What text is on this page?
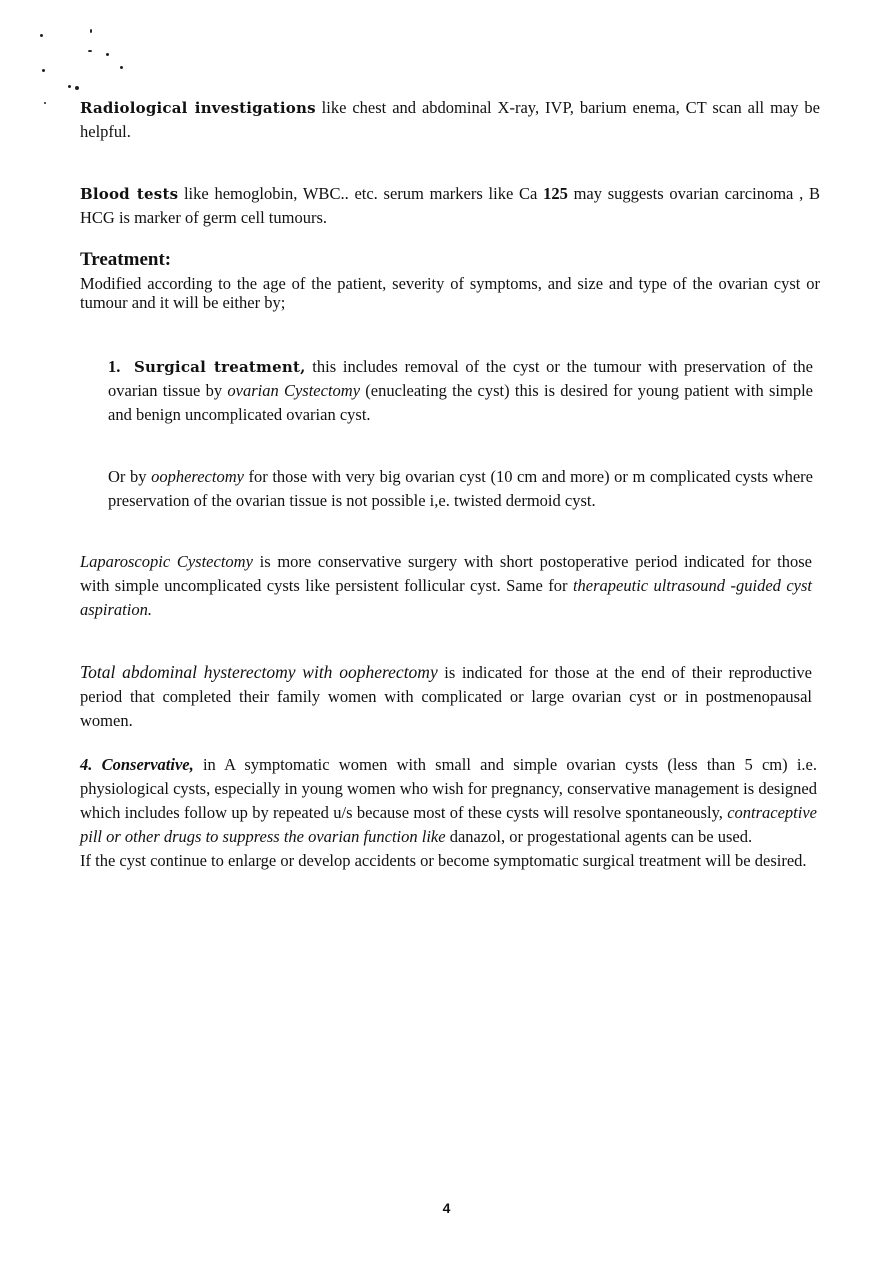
Radiological investigations like chest and abdominal X-ray, IVP, barium enema, CT scan all may be helpful.

Blood tests like hemoglobin, WBC.. etc. serum markers like Ca 125 may suggests ovarian carcinoma , B HCG is marker of germ cell tumours.

Treatment:

Modified according to the age of the patient, severity of symptoms, and size and type of the ovarian cyst or tumour and it will be either by;

1. Surgical treatment, this includes removal of the cyst or the tumour with preservation of the ovarian tissue by ovarian Cystectomy (enucleating the cyst) this is desired for young patient with simple and benign uncomplicated ovarian cyst.

Or by oopherectomy for those with very big ovarian cyst (10 cm and more) or m complicated cysts where preservation of the ovarian tissue is not possible i,e. twisted dermoid cyst.

Laparoscopic Cystectomy is more conservative surgery with short postoperative period indicated for those with simple uncomplicated cysts like persistent follicular cyst. Same for therapeutic ultrasound -guided cyst aspiration.

Total abdominal hysterectomy with oopherectomy is indicated for those at the end of their reproductive period that completed their family women with complicated or large ovarian cyst or in postmenopausal women.

4. Conservative, in A symptomatic women with small and simple ovarian cysts (less than 5 cm) i.e. physiological cysts, especially in young women who wish for pregnancy, conservative management is designed which includes follow up by repeated u/s because most of these cysts will resolve spontaneously, contraceptive pill or other drugs to suppress the ovarian function like danazol, or progestational agents can be used.
If the cyst continue to enlarge or develop accidents or become symptomatic surgical treatment will be desired.

4
